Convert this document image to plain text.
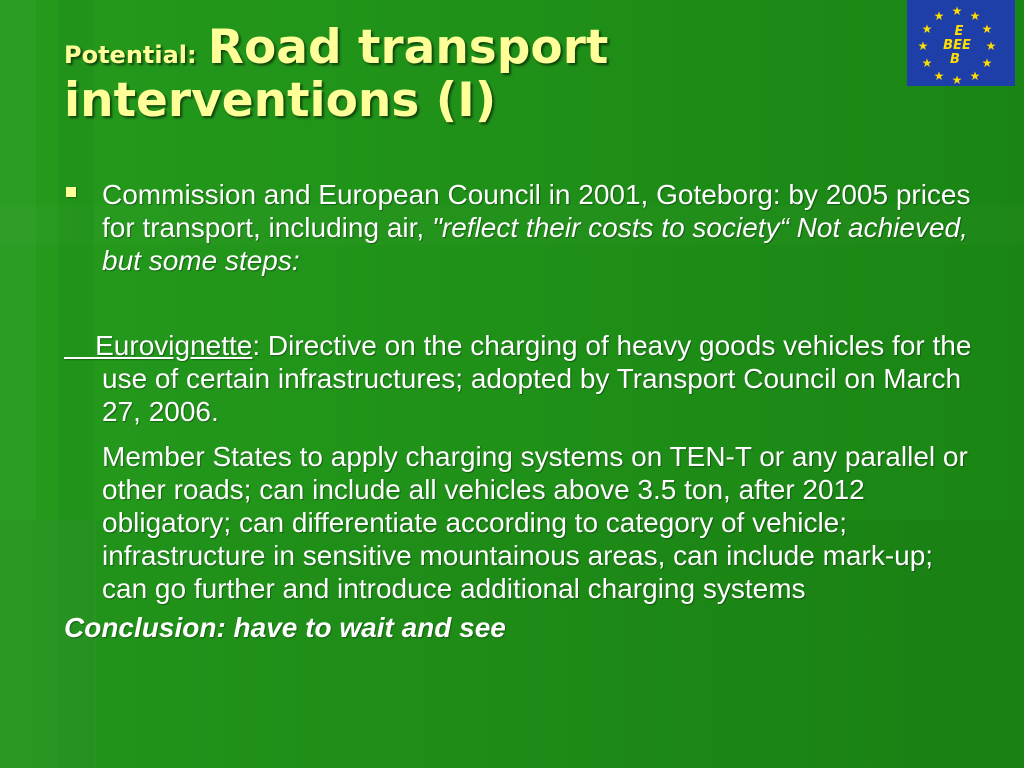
★ ★
★
★
★
★
★
★
★
★
★
★
E
BEE
B
Potential: Road transport interventions (I)
Commission and European Council in 2001, Goteborg: by 2005 prices for transport, including air, "reflect their costs to society“ Not achieved, but some steps:
Eurovignette: Directive on the charging of heavy goods vehicles for the use of certain infrastructures; adopted by Transport Council on March 27, 2006.
Member States to apply charging systems on TEN-T or any parallel or other roads; can include all vehicles above 3.5 ton, after 2012 obligatory; can differentiate according to category of vehicle; infrastructure in sensitive mountainous areas, can include mark-up; can go further and introduce additional charging systems
Conclusion: have to wait and see
